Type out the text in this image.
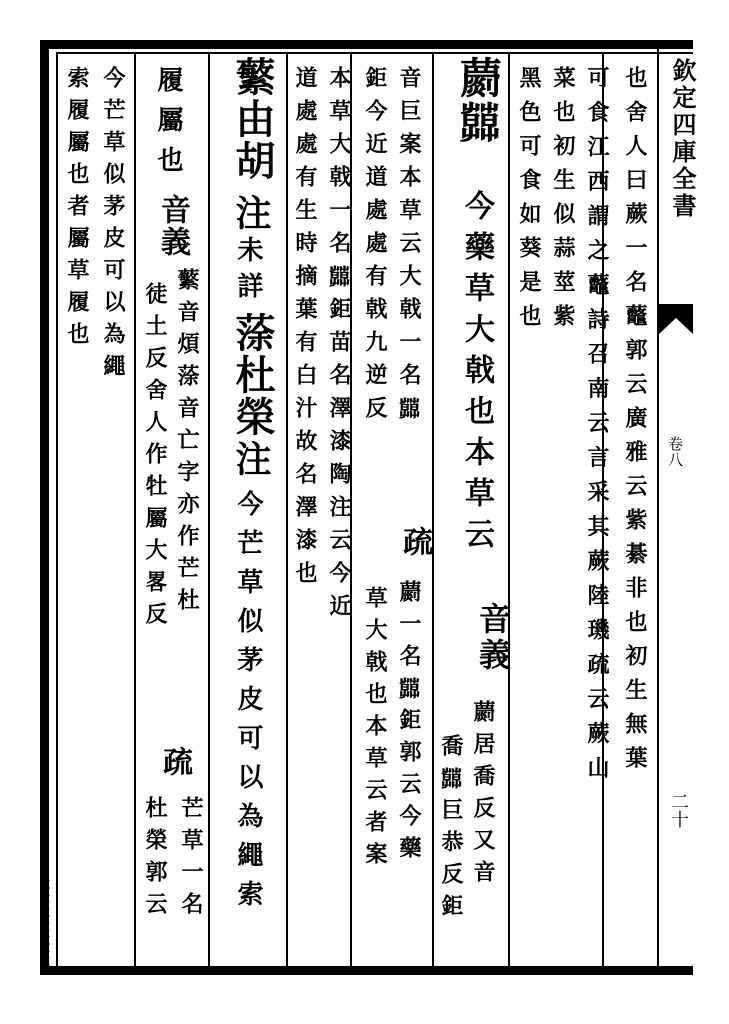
欽定四庫全書
卷八
二十
也舍人曰蕨一名虌郭云廣雅云紫綦非也初生無葉
可食江西謂之虌詩召南云言采其蕨陸璣疏云蕨山
菜也初生似蒜莖紫
黑色可食如葵是也
蘮𦿑
今藥草大戟也本草云
音義
蘮居喬反又音
喬𦿑巨恭反鉅
音巨案本草云大戟一名𦿑
疏
蘮一名𦿑鉅郭云今藥
鉅今近道處處有戟九逆反
草大戟也本草云者案
本草大戟一名𦿑鉅苗名澤漆陶注云今近
道處處有生時摘葉有白汁故名澤漆也
蘩由胡
注
未詳
蒤杜榮
注
今芒草似茅皮可以為繩索
履屬也
音義
蘩音煩蒤音亡字亦作芒杜
徒土反舍人作牡屬大畧反
疏
芒草一名
杜榮郭云
今芒草似茅皮可以為繩
索履屬也者屬草履也
